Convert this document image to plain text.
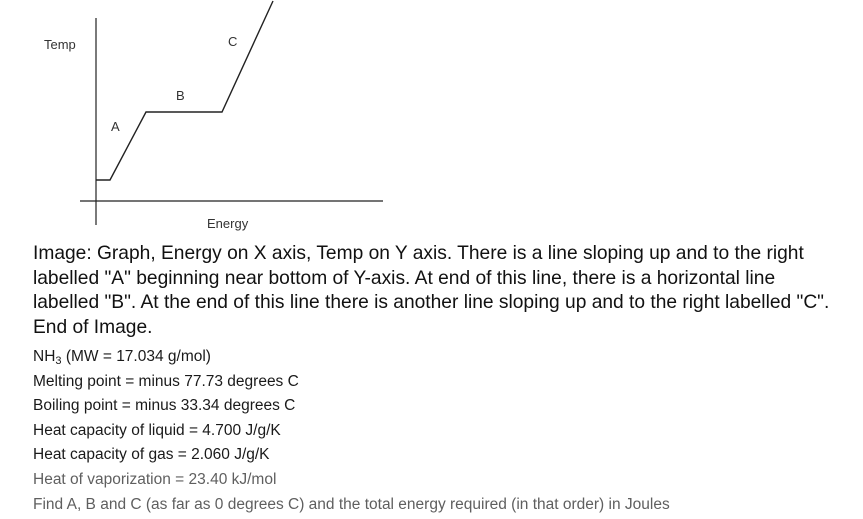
A
B
C
Temp
Energy

Image: Graph, Energy on X axis, Temp on Y axis. There is a line sloping up and to the right labelled "A" beginning near bottom of Y-axis. At end of this line, there is a horizontal line labelled "B". At the end of this line there is another line sloping up and to the right labelled "C". End of Image.

$NH_3$ (MW = 17.034 g/mol)
Melting point = minus 77.73 degrees C
Boiling point = minus 33.34 degrees C
Heat capacity of liquid = 4.700 J/g/K
Heat capacity of gas = 2.060 J/g/K
Heat of vaporization = 23.40 kJ/mol
Find A, B and C (as far as 0 degrees C) and the total energy required (in that order) in Joules
